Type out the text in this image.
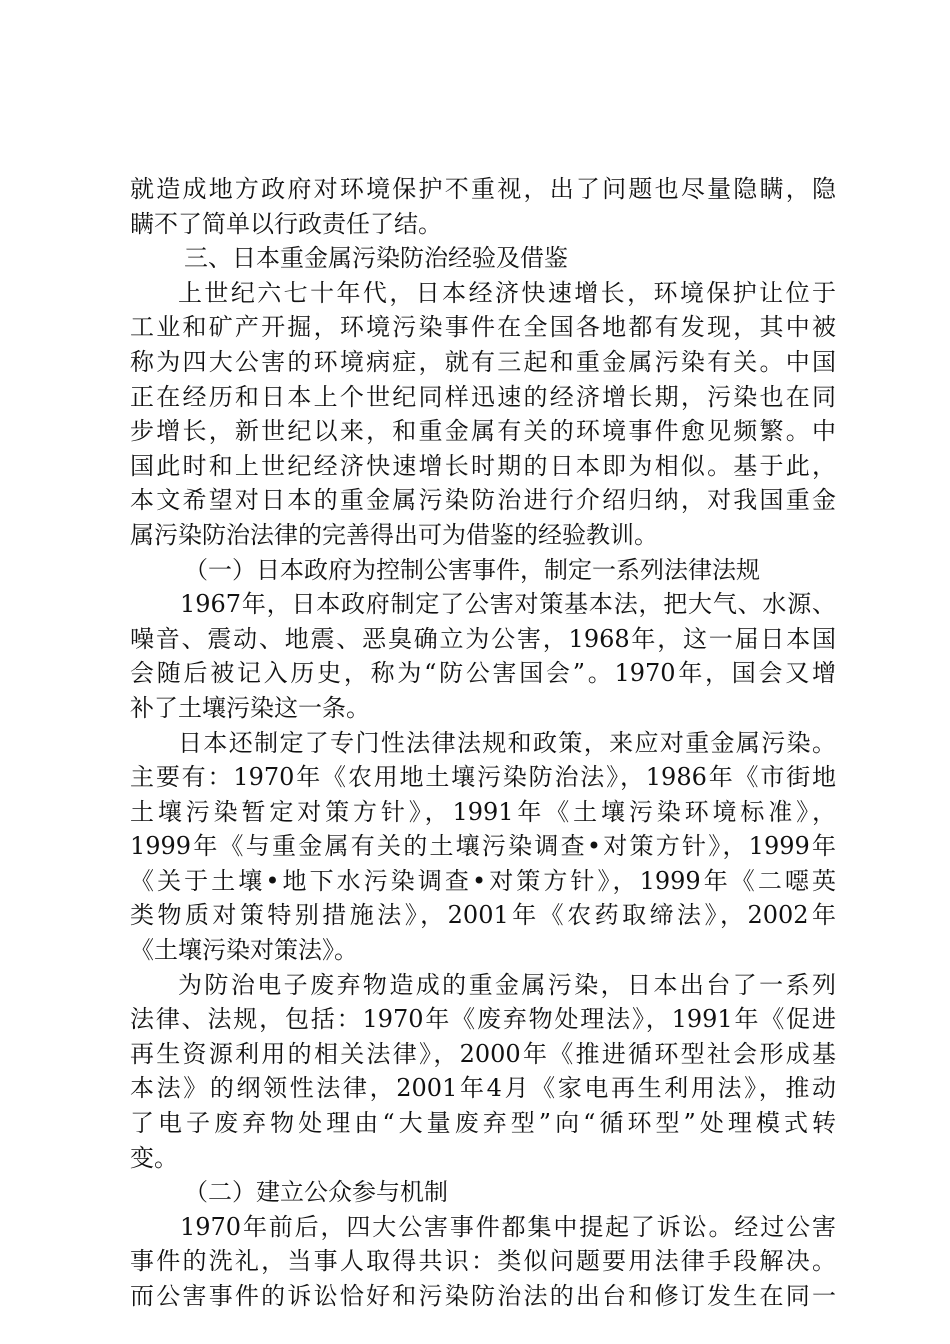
就造成地方政府对环境保护不重视，出了问题也尽量隐瞒，隐
瞒不了简单以行政责任了结。
三、日本重金属污染防治经验及借鉴
上世纪六七十年代，日本经济快速增长，环境保护让位于
工业和矿产开掘，环境污染事件在全国各地都有发现，其中被
称为四大公害的环境病症，就有三起和重金属污染有关。中国
正在经历和日本上个世纪同样迅速的经济增长期，污染也在同
步增长，新世纪以来，和重金属有关的环境事件愈见频繁。中
国此时和上世纪经济快速增长时期的日本即为相似。基于此，
本文希望对日本的重金属污染防治进行介绍归纳，对我国重金
属污染防治法律的完善得出可为借鉴的经验教训。
（一）日本政府为控制公害事件，制定一系列法律法规
1967年，日本政府制定了公害对策基本法，把大气、水源、
噪音、震动、地震、恶臭确立为公害，1968年，这一届日本国
会随后被记入历史，称为“防公害国会”。1970年，国会又增
补了土壤污染这一条。
日本还制定了专门性法律法规和政策，来应对重金属污染。
主要有：1970年《农用地土壤污染防治法》，1986年《市街地
土壤污染暂定对策方针》，1991年《土壤污染环境标准》，
1999年《与重金属有关的土壤污染调查•对策方针》，1999年
《关于土壤•地下水污染调查•对策方针》，1999年《二噁英
类物质对策特别措施法》，2001年《农药取缔法》，2002年
《土壤污染对策法》。
为防治电子废弃物造成的重金属污染，日本出台了一系列
法律、法规，包括：1970年《废弃物处理法》，1991年《促进
再生资源利用的相关法律》，2000年《推进循环型社会形成基
本法》的纲领性法律，2001年4月《家电再生利用法》，推动
了电子废弃物处理由“大量废弃型”向“循环型”处理模式转
变。
（二）建立公众参与机制
1970年前后，四大公害事件都集中提起了诉讼。经过公害
事件的洗礼，当事人取得共识：类似问题要用法律手段解决。
而公害事件的诉讼恰好和污染防治法的出台和修订发生在同一
